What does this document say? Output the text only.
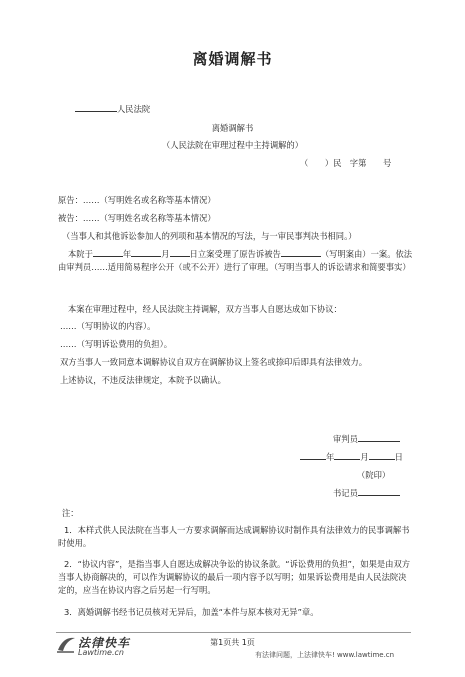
离婚调解书
人民法院
离婚调解书
（人民法院在审理过程中主持调解的）
（　　）民　字第　　号
原告：……（写明姓名或名称等基本情况）
被告：……（写明姓名或名称等基本情况）
（当事人和其他诉讼参加人的列项和基本情况的写法，与一审民事判决书相同。）
本院于	年	月 日立案受理了原告诉被告	（写明案由）一案。依法由审判员……适用简易程序公开（或不公开）进行了审理。（写明当事人的诉讼请求和简要事实）
本案在审理过程中，经人民法院主持调解，双方当事人自愿达成如下协议：
……（写明协议的内容）。
……（写明诉讼费用的负担）。
双方当事人一致同意本调解协议自双方在调解协议上签名或捺印后即具有法律效力。
上述协议，不违反法律规定，本院予以确认。
审判员
年	月	日
（院印）
书记员
注：
1．本样式供人民法院在当事人一方要求调解而达成调解协议时制作具有法律效力的民事调解书时使用。
2．“协议内容”，是指当事人自愿达成解决争讼的协议条款。“诉讼费用的负担”，如果是由双方当事人协商解决的，可以作为调解协议的最后一项内容予以写明；如果诉讼费用是由人民法院决定的，应当在协议内容之后另起一行写明。
3．离婚调解书经书记员核对无异后，加盖“本件与原本核对无异”章。
法律快车
Lawtime.cn
第1页共 1页
有法律问题，上法律快车! www.lawtime.cn
